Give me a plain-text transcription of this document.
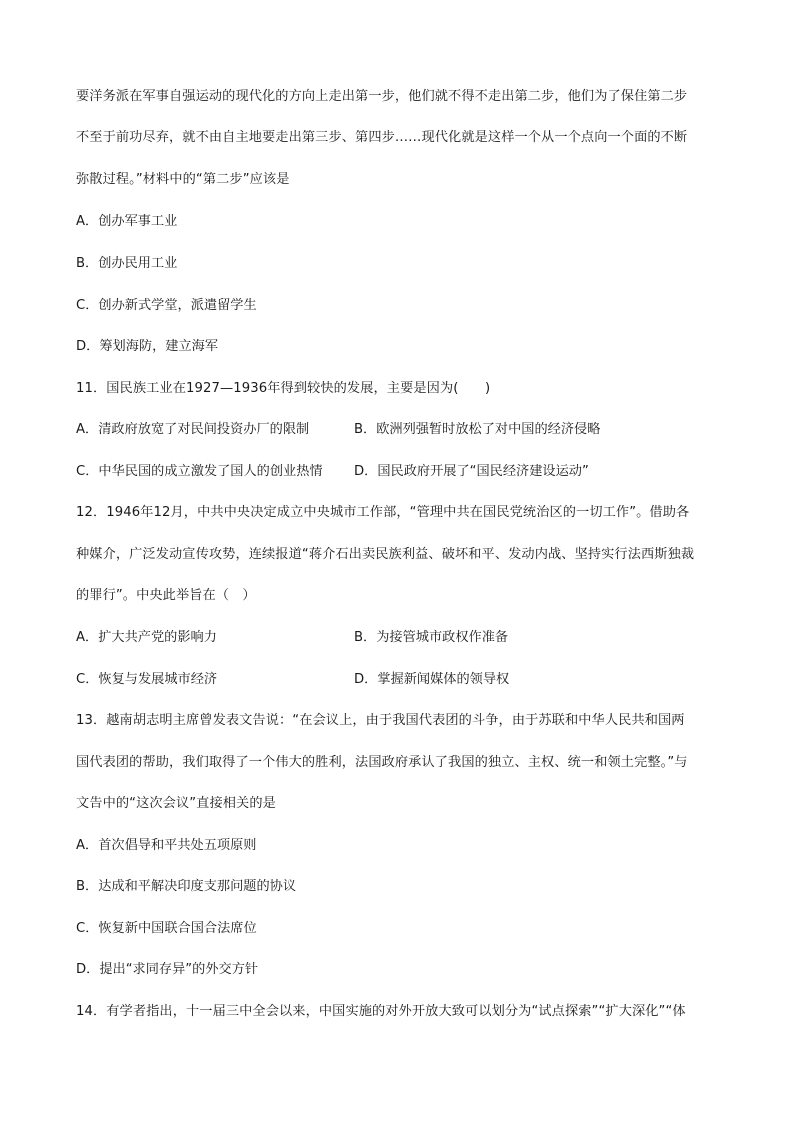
要洋务派在军事自强运动的现代化的方向上走出第一步，他们就不得不走出第二步，他们为了保住第二步
不至于前功尽弃，就不由自主地要走出第三步、第四步……现代化就是这样一个从一个点向一个面的不断
弥散过程。”材料中的“第二步”应该是
A．创办军事工业
B．创办民用工业
C．创办新式学堂，派遣留学生
D．筹划海防，建立海军
11．国民族工业在1927—1936年得到较快的发展，主要是因为(　　)
A．清政府放宽了对民间投资办厂的限制	B．欧洲列强暂时放松了对中国的经济侵略
C．中华民国的成立激发了国人的创业热情 D．国民政府开展了“国民经济建设运动”
12．1946年12月，中共中央决定成立中央城市工作部，“管理中共在国民党统治区的一切工作”。借助各
种媒介，广泛发动宣传攻势，连续报道“蒋介石出卖民族利益、破坏和平、发动内战、坚持实行法西斯独裁
的罪行”。中央此举旨在（　）
A．扩大共产党的影响力	B．为接管城市政权作准备
C．恢复与发展城市经济	D．掌握新闻媒体的领导权
13．越南胡志明主席曾发表文告说：“在会议上，由于我国代表团的斗争，由于苏联和中华人民共和国两
国代表团的帮助，我们取得了一个伟大的胜利，法国政府承认了我国的独立、主权、统一和领土完整。”与
文告中的“这次会议”直接相关的是
A．首次倡导和平共处五项原则
B．达成和平解决印度支那问题的协议
C．恢复新中国联合国合法席位
D．提出“求同存异”的外交方针
14．有学者指出，十一届三中全会以来，中国实施的对外开放大致可以划分为“试点探索”“扩大深化”“体
